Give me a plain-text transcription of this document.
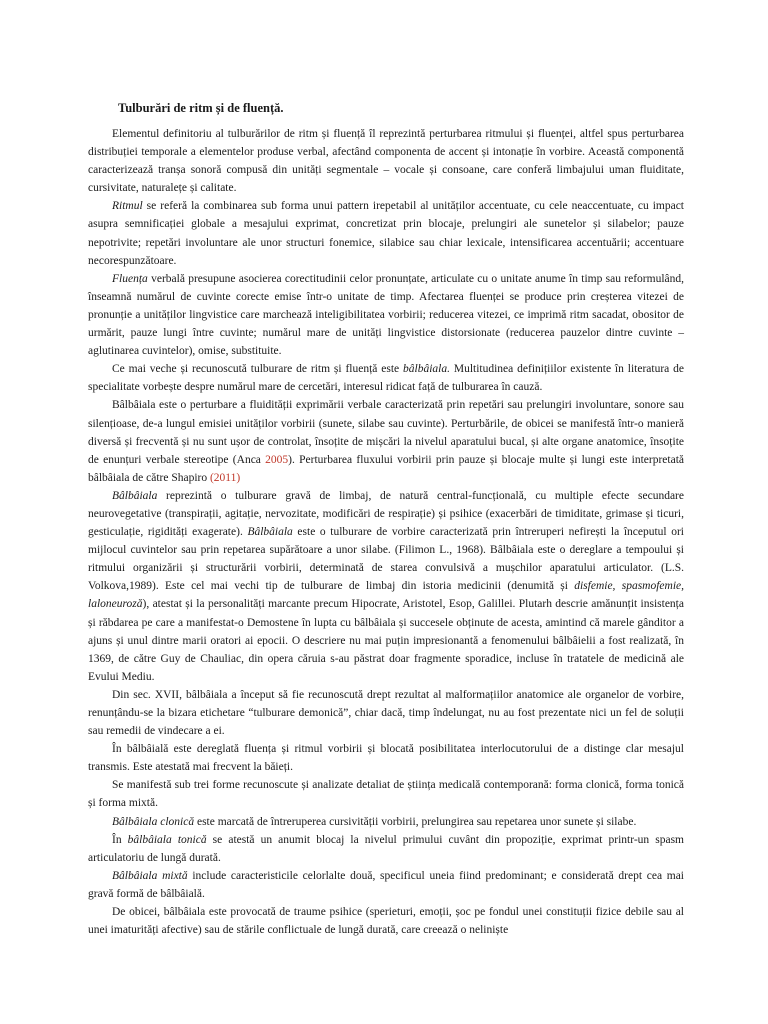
Tulburări de ritm și de fluență.

Elementul definitoriu al tulburărilor de ritm și fluență îl reprezintă perturbarea ritmului și fluenței, altfel spus perturbarea distribuției temporale a elementelor produse verbal, afectând componenta de accent și intonație în vorbire. Această componentă caracterizează tranșa sonoră compusă din unități segmentale – vocale și consoane, care conferă limbajului uman fluiditate, cursivitate, naturalețe și calitate.

Ritmul se referă la combinarea sub forma unui pattern irepetabil al unităților accentuate, cu cele neaccentuate, cu impact asupra semnificației globale a mesajului exprimat, concretizat prin blocaje, prelungiri ale sunetelor și silabelor; pauze nepotrivite; repetări involuntare ale unor structuri fonemice, silabice sau chiar lexicale, intensificarea accentuării; accentuare necorespunzătoare.

Fluența verbală presupune asocierea corectitudinii celor pronunțate, articulate cu o unitate anume în timp sau reformulând, înseamnă numărul de cuvinte corecte emise într-o unitate de timp. Afectarea fluenței se produce prin creșterea vitezei de pronunție a unităților lingvistice care marchează inteligibilitatea vorbirii; reducerea vitezei, ce imprimă ritm sacadat, obositor de urmărit, pauze lungi între cuvinte; numărul mare de unități lingvistice distorsionate (reducerea pauzelor dintre cuvinte – aglutinarea cuvintelor), omise, substituite.

Ce mai veche și recunoscută tulburare de ritm și fluență este bâlbâiala. Multitudinea definițiilor existente în literatura de specialitate vorbește despre numărul mare de cercetări, interesul ridicat față de tulburarea în cauză.

Bâlbâiala este o perturbare a fluidității exprimării verbale caracterizată prin repetări sau prelungiri involuntare, sonore sau silențioase, de-a lungul emisiei unităților vorbirii (sunete, silabe sau cuvinte). Perturbările, de obicei se manifestă într-o manieră diversă și frecventă și nu sunt ușor de controlat, însoțite de mișcări la nivelul aparatului bucal, și alte organe anatomice, însoțite de enunțuri verbale stereotipe (Anca 2005). Perturbarea fluxului vorbirii prin pauze și blocaje multe și lungi este interpretată bâlbâiala de către Shapiro (2011)

Bâlbâiala reprezintă o tulburare gravă de limbaj, de natură central-funcțională, cu multiple efecte secundare neurovegetative (transpirații, agitație, nervozitate, modificări de respirație) și psihice (exacerbări de timiditate, grimase și ticuri, gesticulație, rigidități exagerate). Bâlbâiala este o tulburare de vorbire caracterizată prin întreruperi nefirești la începutul ori mijlocul cuvintelor sau prin repetarea supărătoare a unor silabe. (Filimon L., 1968). Bâlbâiala este o dereglare a tempoului și ritmului organizării și structurării vorbirii, determinată de starea convulsivă a mușchilor aparatului articulator. (L.S. Volkova,1989). Este cel mai vechi tip de tulburare de limbaj din istoria medicinii (denumită și disfemie, spasmofemie, laloneuroză), atestat și la personalități marcante precum Hipocrate, Aristotel, Esop, Galillei. Plutarh descrie amănunțit insistența și răbdarea pe care a manifestat-o Demostene în lupta cu bâlbâiala și succesele obținute de acesta, amintind că marele gânditor a ajuns și unul dintre marii oratori ai epocii. O descriere nu mai puțin impresionantă a fenomenului bâlbâielii a fost realizată, în 1369, de către Guy de Chauliac, din opera căruia s-au păstrat doar fragmente sporadice, incluse în tratatele de medicină ale Evului Mediu.

Din sec. XVII, bâlbâiala a început să fie recunoscută drept rezultat al malformațiilor anatomice ale organelor de vorbire, renunțându-se la bizara etichetare “tulburare demonică”, chiar dacă, timp îndelungat, nu au fost prezentate nici un fel de soluții sau remedii de vindecare a ei.

În bâlbâială este dereglată fluența și ritmul vorbirii și blocată posibilitatea interlocutorului de a distinge clar mesajul transmis. Este atestată mai frecvent la băieți.

Se manifestă sub trei forme recunoscute și analizate detaliat de știința medicală contemporană: forma clonică, forma tonică și forma mixtă.

Bâlbâiala clonică este marcată de întreruperea cursivității vorbirii, prelungirea sau repetarea unor sunete și silabe.

În bâlbâiala tonică se atestă un anumit blocaj la nivelul primului cuvânt din propoziție, exprimat printr-un spasm articulatoriu de lungă durată.

Bâlbâiala mixtă include caracteristicile celorlalte două, specificul uneia fiind predominant; e considerată drept cea mai gravă formă de bâlbâială.

De obicei, bâlbâiala este provocată de traume psihice (sperieturi, emoții, șoc pe fondul unei constituții fizice debile sau al unei imaturități afective) sau de stările conflictuale de lungă durată, care creează o neliniște
